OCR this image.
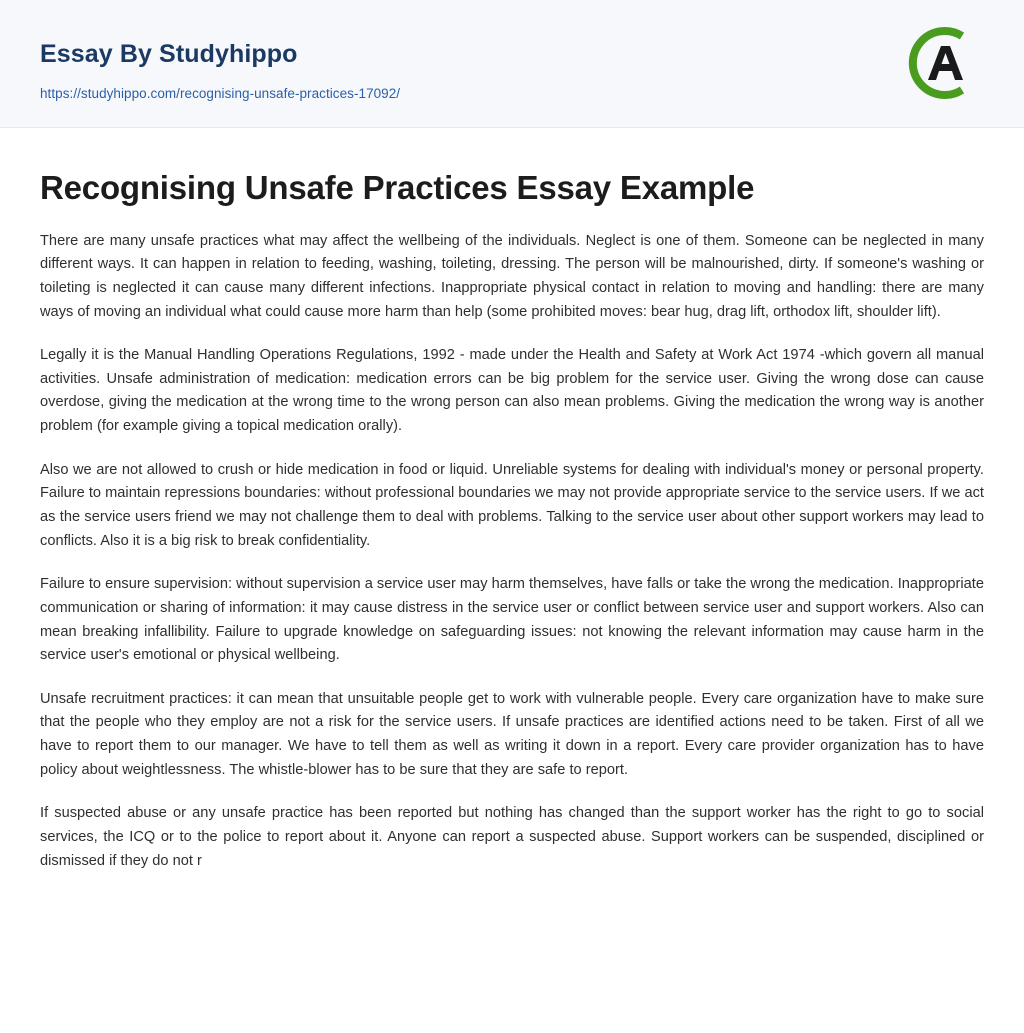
Essay By Studyhippo
https://studyhippo.com/recognising-unsafe-practices-17092/
Recognising Unsafe Practices Essay Example

There are many unsafe practices what may affect the wellbeing of the individuals. Neglect is one of them. Someone can be neglected in many different ways. It can happen in relation to feeding, washing, toileting, dressing. The person will be malnourished, dirty. If someone's washing or toileting is neglected it can cause many different infections. Inappropriate physical contact in relation to moving and handling: there are many ways of moving an individual what could cause more harm than help (some prohibited moves: bear hug, drag lift, orthodox lift, shoulder lift).

Legally it is the Manual Handling Operations Regulations, 1992 - made under the Health and Safety at Work Act 1974 -which govern all manual activities. Unsafe administration of medication: medication errors can be big problem for the service user. Giving the wrong dose can cause overdose, giving the medication at the wrong time to the wrong person can also mean problems. Giving the medication the wrong way is another problem (for example giving a topical medication orally).

Also we are not allowed to crush or hide medication in food or liquid. Unreliable systems for dealing with individual's money or personal property. Failure to maintain repressions boundaries: without professional boundaries we may not provide appropriate service to the service users. If we act as the service users friend we may not challenge them to deal with problems. Talking to the service user about other support workers may lead to conflicts. Also it is a big risk to break confidentiality.

Failure to ensure supervision: without supervision a service user may harm themselves, have falls or take the wrong the medication. Inappropriate communication or sharing of information: it may cause distress in the service user or conflict between service user and support workers. Also can mean breaking infallibility. Failure to upgrade knowledge on safeguarding issues: not knowing the relevant information may cause harm in the service user's emotional or physical wellbeing.

Unsafe recruitment practices: it can mean that unsuitable people get to work with vulnerable people. Every care organization have to make sure that the people who they employ are not a risk for the service users. If unsafe practices are identified actions need to be taken. First of all we have to report them to our manager. We have to tell them as well as writing it down in a report. Every care provider organization has to have policy about weightlessness. The whistle-blower has to be sure that they are safe to report.

If suspected abuse or any unsafe practice has been reported but nothing has changed than the support worker has the right to go to social services, the ICQ or to the police to report about it. Anyone can report a suspected abuse. Support workers can be suspended, disciplined or dismissed if they do not r
